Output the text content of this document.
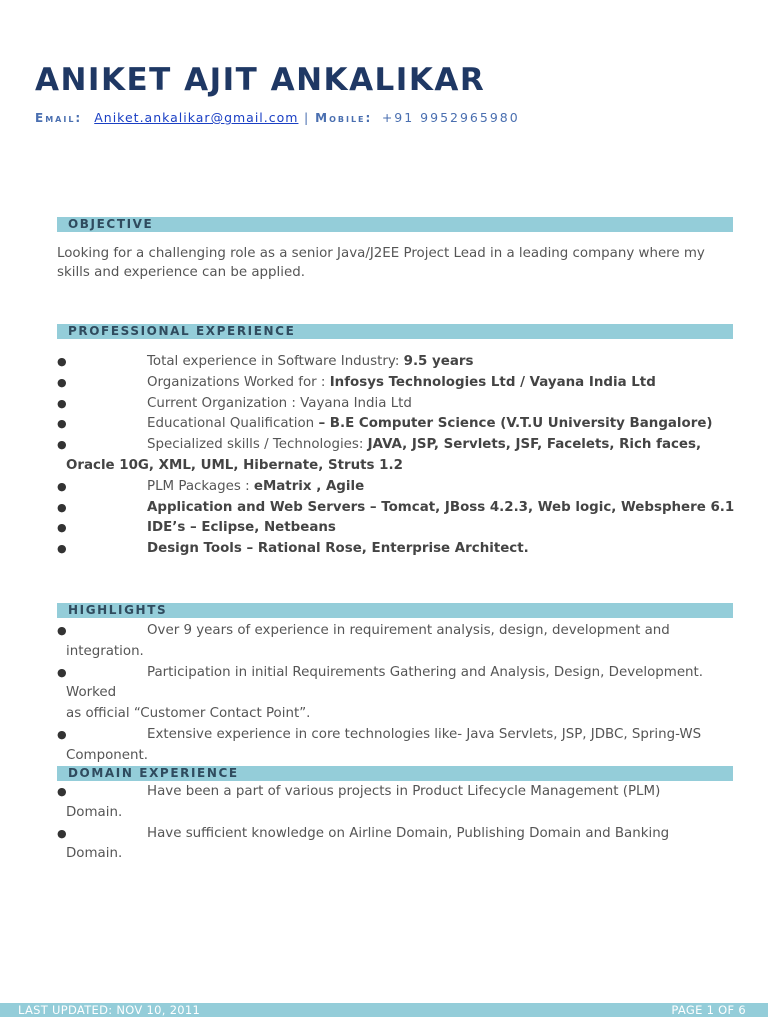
ANIKET AJIT ANKALIKAR
Email: Aniket.ankalikar@gmail.com | Mobile: +91 9952965980
OBJECTIVE
Looking for a challenging role as a senior Java/J2EE Project Lead in a leading company where my
skills and experience can be applied.
PROFESSIONAL EXPERIENCE
●	Total experience in Software Industry: 9.5 years
●	Organizations Worked for : Infosys Technologies Ltd / Vayana India Ltd
●	Current Organization : Vayana India Ltd
●	Educational Qualification – B.E Computer Science (V.T.U University Bangalore)
●	Specialized skills / Technologies: JAVA, JSP, Servlets, JSF, Facelets, Rich faces,
Oracle 10G, XML, UML, Hibernate, Struts 1.2
●	PLM Packages : eMatrix , Agile
●	Application and Web Servers – Tomcat, JBoss 4.2.3, Web logic, Websphere 6.1
●	IDE’s – Eclipse, Netbeans
●	Design Tools – Rational Rose, Enterprise Architect.
HIGHLIGHTS
●	Over 9 years of experience in requirement analysis, design, development and integration.
●	Participation in initial Requirements Gathering and Analysis, Design, Development. Worked
as official “Customer Contact Point”.
●	Extensive experience in core technologies like- Java Servlets, JSP, JDBC, Spring-WS
Component.
DOMAIN EXPERIENCE
●	Have been a part of various projects in Product Lifecycle Management (PLM)
Domain.
●	Have sufficient knowledge on Airline Domain, Publishing Domain and Banking
Domain.
LAST UPDATED: NOV 10, 2011	PAGE 1 OF 6
